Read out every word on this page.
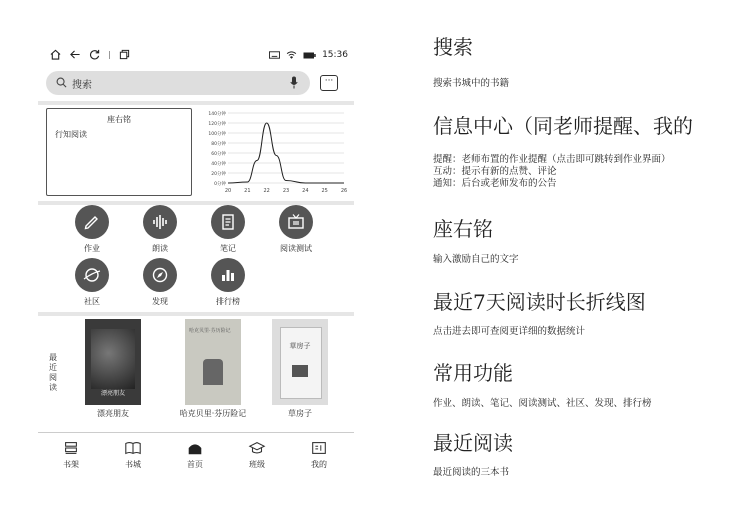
|	15:36
搜索	···
座右铭
行知阅读
140分钟
120分钟
100分钟
80分钟
60分钟
40分钟
20分钟
0分钟
20	21	22	23	24	25	26
作业	朗读	笔记	阅读测试
社区	发现	排行榜
最
近
阅
读
漂亮朋友
漂亮朋友
哈克贝里·芬历险记
哈克贝里·芬历险记
草房子
草房子
书架	书城	首页	班级	我的
搜索
搜索书城中的书籍
信息中心（同老师提醒、我的
提醒：老师布置的作业提醒（点击即可跳转到作业界面）
互动：提示有新的点赞、评论
通知：后台或老师发布的公告
座右铭
输入激励自己的文字
最近7天阅读时长折线图
点击进去即可查阅更详细的数据统计
常用功能
作业、朗读、笔记、阅读测试、社区、发现、排行榜
最近阅读
最近阅读的三本书
